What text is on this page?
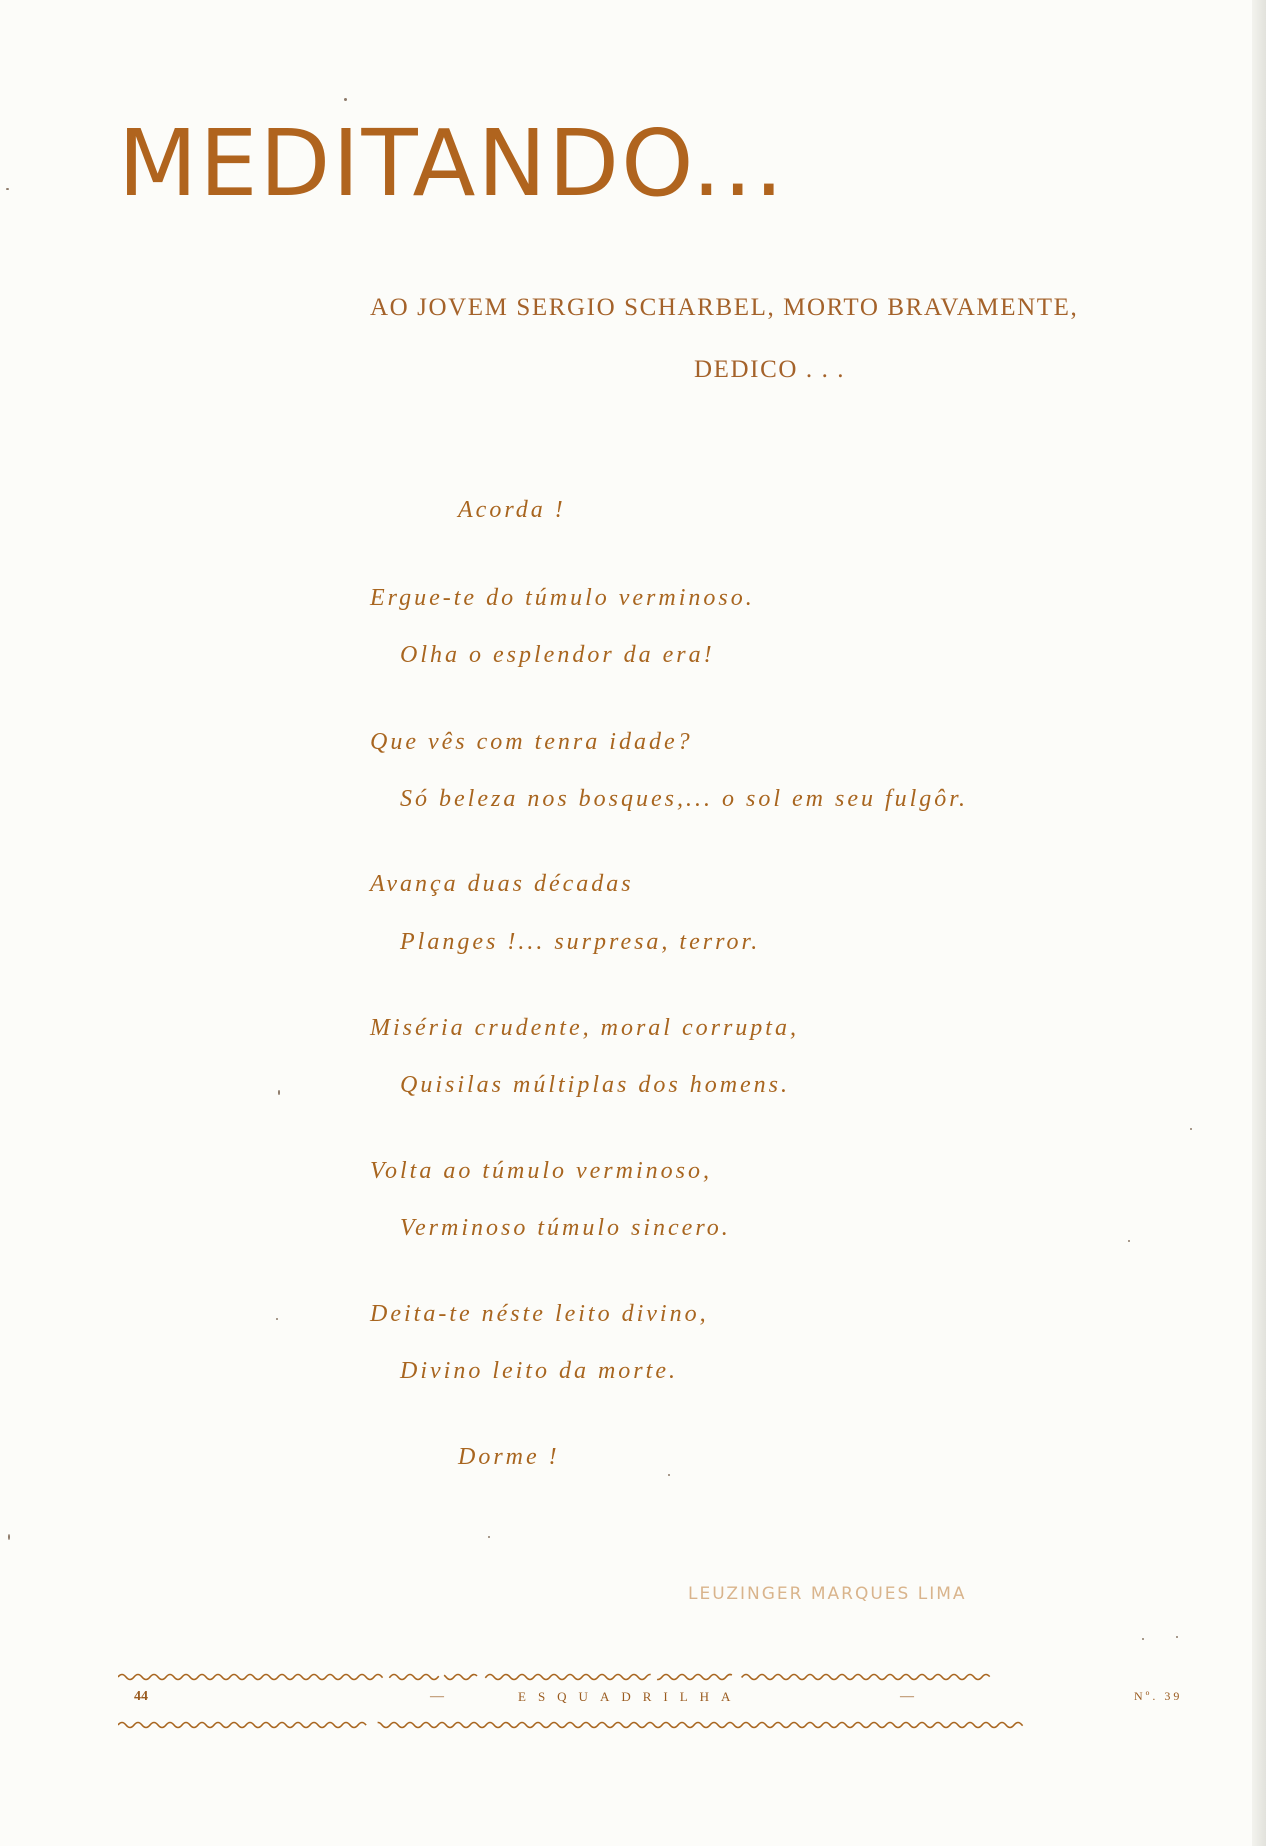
MEDITANDO...
AO JOVEM SERGIO SCHARBEL, MORTO BRAVAMENTE,
DEDICO . . .
Acorda !
Ergue-te do túmulo verminoso.
Olha o esplendor da era!
Que vês com tenra idade?
Só beleza nos bosques,... o sol em seu fulgôr.
Avança duas décadas
Planges !... surpresa, terror.
Miséria crudente, moral corrupta,
Quisilas múltiplas dos homens.
Volta ao túmulo verminoso,
Verminoso túmulo sincero.
Deita-te néste leito divino,
Divino leito da morte.
Dorme !
LEUZINGER MARQUES LIMA
44	—	ESQUADRILHA	—	Nº. 39
